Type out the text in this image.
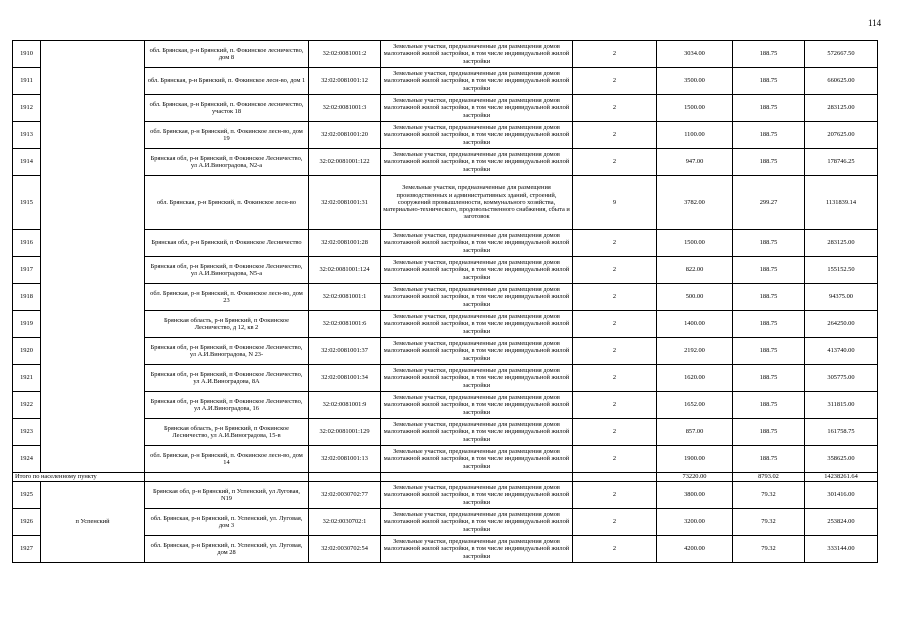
114
1910		обл. Брянская, р-н Брянский, п. Фокинское лесничество, дом 8	32:02:0081001:2	Земельные участки, предназначенные для размещения домов малоэтажной жилой застройки, в том числе индивидуальной жилой застройки	2	3034.00	188.75	572667.50
1911		обл. Брянская, р-н Брянский, п. Фокинское лесн-во, дом 1	32:02:0081001:12	Земельные участки, предназначенные для размещения домов малоэтажной жилой застройки, в том числе индивидуальной жилой застройки	2	3500.00	188.75	660625.00
1912		обл. Брянская, р-н Брянский, п. Фокинское лесничество, участок 18	32:02:0081001:3	Земельные участки, предназначенные для размещения домов малоэтажной жилой застройки, в том числе индивидуальной жилой застройки	2	1500.00	188.75	283125.00
1913		обл. Брянская, р-н Брянский, п. Фокинское лесн-во, дом 19	32:02:0081001:20	Земельные участки, предназначенные для размещения домов малоэтажной жилой застройки, в том числе индивидуальной жилой застройки	2	1100.00	188.75	207625.00
1914		Брянская обл, р-н Брянский, п Фокинское Лесничество, ул А.И.Виноградова, N2-а	32:02:0081001:122	Земельные участки, предназначенные для размещения домов малоэтажной жилой застройки, в том числе индивидуальной жилой застройки	2	947.00	188.75	178746.25
1915		обл. Брянская, р-н Брянский, п. Фокинское лесн-во	32:02:0081001:31	Земельные участки, предназначенные для размещения производственных и административных зданий, строений, сооружений промышленности, коммунального хозяйства, материально-технического, продовольственного снабжения, сбыта и заготовок	9	3782.00	299.27	1131839.14
1916		Брянская обл, р-н Брянский, п Фокинское Лесничество	32:02:0081001:28	Земельные участки, предназначенные для размещения домов малоэтажной жилой застройки, в том числе индивидуальной жилой застройки	2	1500.00	188.75	283125.00
1917		Брянская обл, р-н Брянский, п Фокинское Лесничество, ул А.И.Виноградова, N5-а	32:02:0081001:124	Земельные участки, предназначенные для размещения домов малоэтажной жилой застройки, в том числе индивидуальной жилой застройки	2	822.00	188.75	155152.50
1918		обл. Брянская, р-н Брянский, п. Фокинское лесн-во, дом 23	32:02:0081001:1	Земельные участки, предназначенные для размещения домов малоэтажной жилой застройки, в том числе индивидуальной жилой застройки	2	500.00	188.75	94375.00
1919		Брянская область, р-н Брянский, п Фокинское Лесничество, д 12, кв 2	32:02:0081001:6	Земельные участки, предназначенные для размещения домов малоэтажной жилой застройки, в том числе индивидуальной жилой застройки	2	1400.00	188.75	264250.00
1920		Брянская обл, р-н Брянский, п Фокинское Лесничество, ул А.И.Виноградова, N 23-	32:02:0081001:37	Земельные участки, предназначенные для размещения домов малоэтажной жилой застройки, в том числе индивидуальной жилой застройки	2	2192.00	188.75	413740.00
1921		Брянская обл, р-н Брянский, п Фокинское Лесничество, ул А.И.Виноградова, 8А	32:02:0081001:34	Земельные участки, предназначенные для размещения домов малоэтажной жилой застройки, в том числе индивидуальной жилой застройки	2	1620.00	188.75	305775.00
1922		Брянская обл, р-н Брянский, п Фокинское Лесничество, ул А.И.Виноградова, 16	32:02:0081001:9	Земельные участки, предназначенные для размещения домов малоэтажной жилой застройки, в том числе индивидуальной жилой застройки	2	1652.00	188.75	311815.00
1923		Брянская область, р-н Брянский, п Фокинское Лесничество, ул А.И.Виноградова, 15-в	32:02:0081001:129	Земельные участки, предназначенные для размещения домов малоэтажной жилой застройки, в том числе индивидуальной жилой застройки	2	857.00	188.75	161758.75
1924		обл. Брянская, р-н Брянский, п. Фокинское лесн-во, дом 14	32:02:0081001:13	Земельные участки, предназначенные для размещения домов малоэтажной жилой застройки, в том числе индивидуальной жилой застройки	2	1900.00	188.75	358625.00
Итого по населенному пункту						73220.00	8793.02	14238261.64
1925	п Успенский	Брянская обл, р-н Брянский, п Успенский, ул Луговая, N19	32:02:0030702:77	Земельные участки, предназначенные для размещения домов малоэтажной жилой застройки, в том числе индивидуальной жилой застройки	2	3800.00	79.32	301416.00
1926		обл. Брянская, р-н Брянский, п. Успенский, ул. Луговая, дом 3	32:02:0030702:1	Земельные участки, предназначенные для размещения домов малоэтажной жилой застройки, в том числе индивидуальной жилой застройки	2	3200.00	79.32	253824.00
1927		обл. Брянская, р-н Брянский, п. Успенский, ул. Луговая, дом 28	32:02:0030702:54	Земельные участки, предназначенные для размещения домов малоэтажной жилой застройки, в том числе индивидуальной жилой застройки	2	4200.00	79.32	333144.00
